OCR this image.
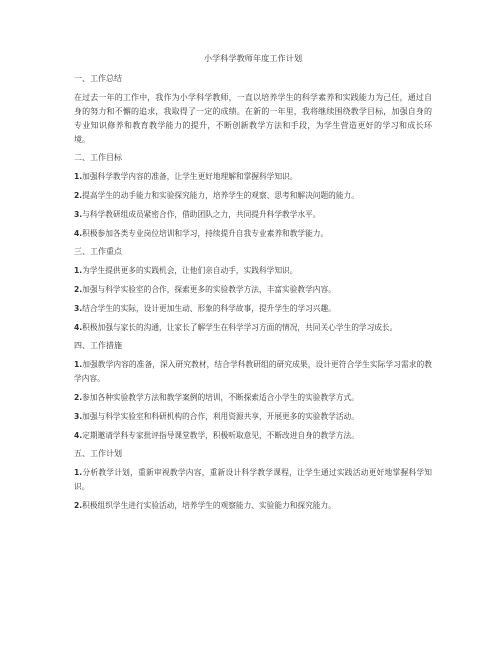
小学科学教师年度工作计划
一、工作总结
在过去一年的工作中，我作为小学科学教师，一直以培养学生的科学素养和实践能力为己任，通过自身的努力和不懈的追求，我取得了一定的成绩。在新的一年里，我将继续围绕教学目标，加强自身的专业知识修养和教育教学能力的提升，不断创新教学方法和手段，为学生营造更好的学习和成长环境。
二、工作目标
1.加强科学教学内容的准备，让学生更好地理解和掌握科学知识。
2.提高学生的动手能力和实验探究能力，培养学生的观察、思考和解决问题的能力。
3.与科学教研组成员紧密合作，借助团队之力，共同提升科学教学水平。
4.积极参加各类专业岗位培训和学习，持续提升自我专业素养和教学能力。
三、工作重点
1.为学生提供更多的实践机会，让他们亲自动手，实践科学知识。
2.加强与科学实验室的合作，探索更多的实验教学方法，丰富实验教学内容。
3.结合学生的实际，设计更加生动、形象的科学故事，提升学生的学习兴趣。
4.积极加强与家长的沟通，让家长了解学生在科学学习方面的情况，共同关心学生的学习成长。
四、工作措施
1.加强教学内容的准备，深入研究教材，结合学科教研组的研究成果，设计更符合学生实际学习需求的教学内容。
2.参加各种实验教学方法和教学案例的培训，不断探索适合小学生的实验教学方式。
3.加强与科学实验室和科研机构的合作，利用资源共享，开展更多的实验教学活动。
4.定期邀请学科专家批评指导课堂教学，积极听取意见，不断改进自身的教学方法。
五、工作计划
1.分析教学计划，重新审视教学内容，重新设计科学教学课程，让学生通过实践活动更好地掌握科学知识。
2.积极组织学生进行实验活动，培养学生的观察能力、实验能力和探究能力。
